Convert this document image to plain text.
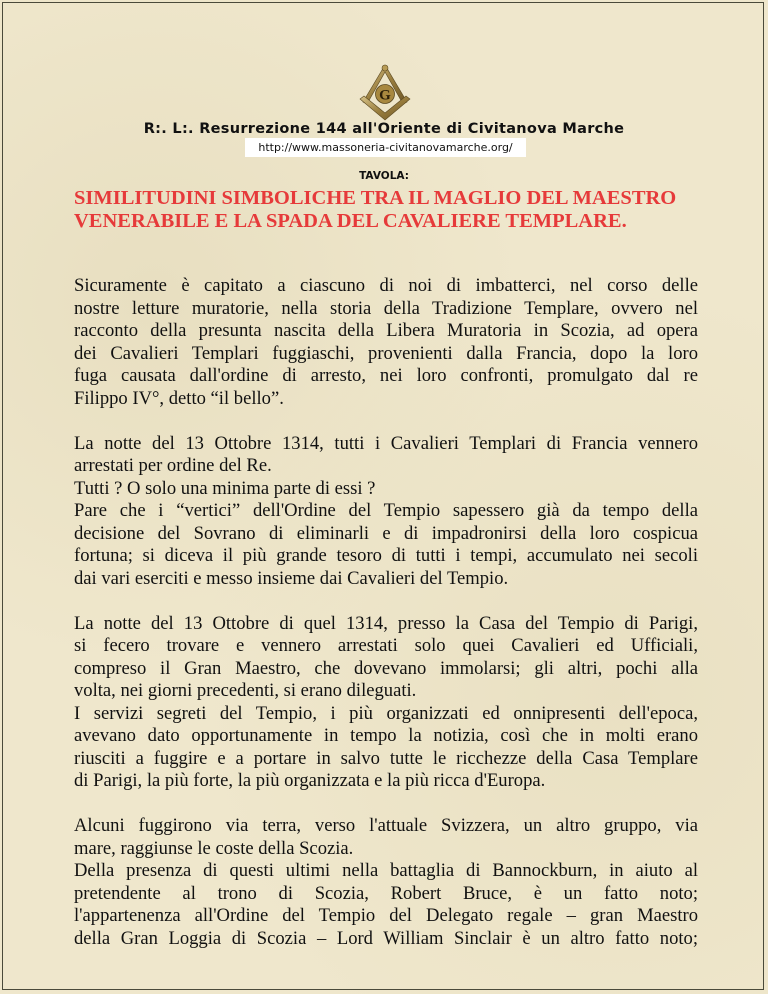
G
R:. L:. Resurrezione 144 all'Oriente di Civitanova Marche
http://www.massoneria-civitanovamarche.org/
TAVOLA:
SIMILITUDINI SIMBOLICHE TRA IL MAGLIO DEL MAESTRO
VENERABILE E LA SPADA DEL CAVALIERE TEMPLARE.
Sicuramente è capitato a ciascuno di noi di imbatterci, nel corso delle
nostre letture muratorie, nella storia della Tradizione Templare, ovvero nel
racconto della presunta nascita della Libera Muratoria in Scozia, ad opera
dei Cavalieri Templari fuggiaschi, provenienti dalla Francia, dopo la loro
fuga causata dall'ordine di arresto, nei loro confronti, promulgato dal re
Filippo IV°, detto “il bello”.
La notte del 13 Ottobre 1314, tutti i Cavalieri Templari di Francia vennero
arrestati per ordine del Re.
Tutti ? O solo una minima parte di essi ?
Pare che i “vertici” dell'Ordine del Tempio sapessero già da tempo della
decisione del Sovrano di eliminarli e di impadronirsi della loro cospicua
fortuna; si diceva il più grande tesoro di tutti i tempi, accumulato nei secoli
dai vari eserciti e messo insieme dai Cavalieri del Tempio.
La notte del 13 Ottobre di quel 1314, presso la Casa del Tempio di Parigi,
si fecero trovare e vennero arrestati solo quei Cavalieri ed Ufficiali,
compreso il Gran Maestro, che dovevano immolarsi; gli altri, pochi alla
volta, nei giorni precedenti, si erano dileguati.
I servizi segreti del Tempio, i più organizzati ed onnipresenti dell'epoca,
avevano dato opportunamente in tempo la notizia, così che in molti erano
riusciti a fuggire e a portare in salvo tutte le ricchezze della Casa Templare
di Parigi, la più forte, la più organizzata e la più ricca d'Europa.
Alcuni fuggirono via terra, verso l'attuale Svizzera, un altro gruppo, via
mare, raggiunse le coste della Scozia.
Della presenza di questi ultimi nella battaglia di Bannockburn, in aiuto al
pretendente al trono di Scozia, Robert Bruce, è un fatto noto;
l'appartenenza all'Ordine del Tempio del Delegato regale – gran Maestro
della Gran Loggia di Scozia – Lord William Sinclair è un altro fatto noto;
